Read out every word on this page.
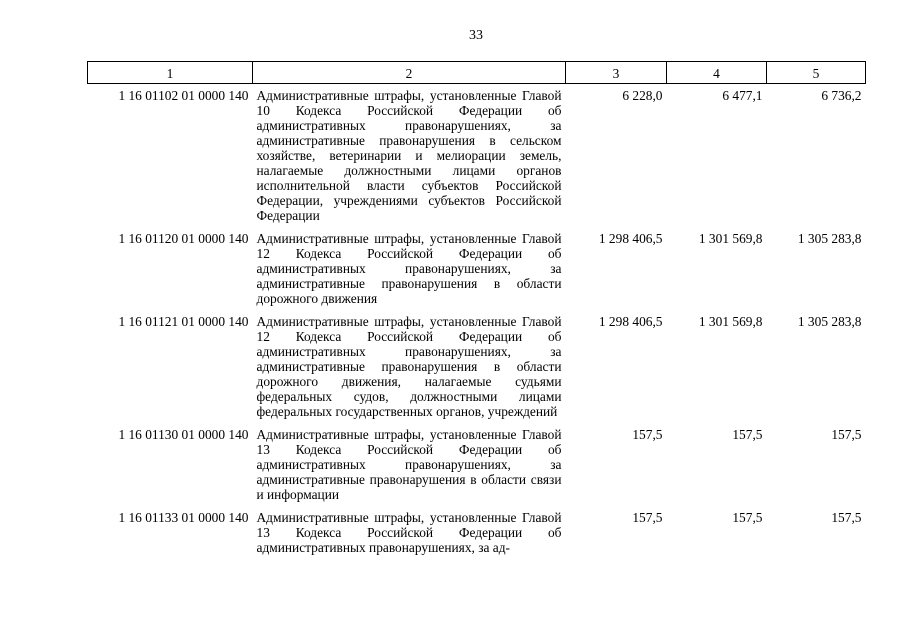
33
1	2	3	4	5
1 16 01102 01 0000 140	Административные штрафы, установленные Главой 10 Кодекса Российской Федерации об административных правонарушениях, за административные правонарушения в сельском хозяйстве, ветеринарии и мелиорации земель, налагаемые должностными лицами органов исполнительной власти субъектов Российской Федерации, учреждениями субъектов Российской Федерации	6 228,0	6 477,1	6 736,2
1 16 01120 01 0000 140	Административные штрафы, установленные Главой 12 Кодекса Российской Федерации об административных правонарушениях, за административные правонарушения в области дорожного движения	1 298 406,5	1 301 569,8	1 305 283,8
1 16 01121 01 0000 140	Административные штрафы, установленные Главой 12 Кодекса Российской Федерации об административных правонарушениях, за административные правонарушения в области дорожного движения, налагаемые судьями федеральных судов, должностными лицами федеральных государственных органов, учреждений	1 298 406,5	1 301 569,8	1 305 283,8
1 16 01130 01 0000 140	Административные штрафы, установленные Главой 13 Кодекса Российской Федерации об административных правонарушениях, за административные правонарушения в области связи и информации	157,5	157,5	157,5
1 16 01133 01 0000 140	Административные штрафы, установленные Главой 13 Кодекса Российской Федерации об административных правонарушениях, за ад-	157,5	157,5	157,5
